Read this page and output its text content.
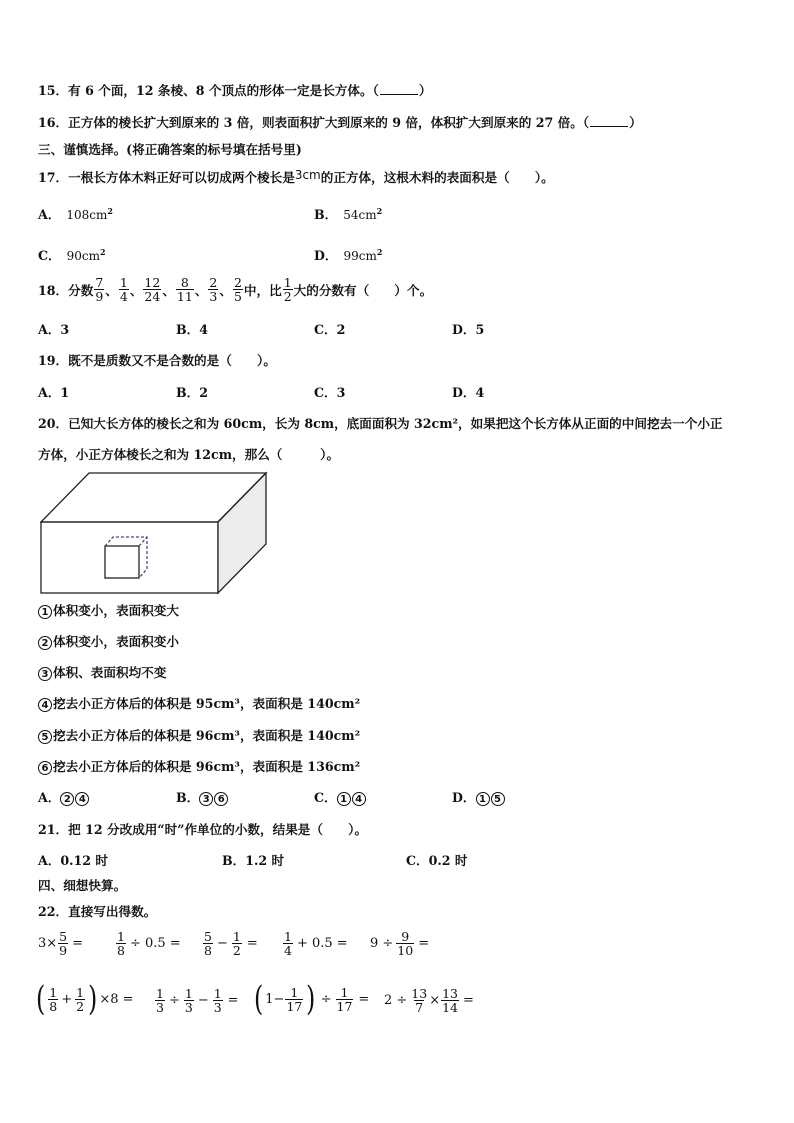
15．有 6 个面，12 条棱、8 个顶点的形体一定是长方体。（	）
16．正方体的棱长扩大到原来的 3 倍，则表面积扩大到原来的 9 倍，体积扩大到原来的 27 倍。（	）
三、谨慎选择。(将正确答案的标号填在括号里)
17．一根长方体木料正好可以切成两个棱长是3cm的正方体，这根木料的表面积是（　　）。
A． $108cm^2$	B． $54cm^2$
C． $90cm^2$	D． $99cm^2$
18．分数 $\frac{7}{9}$ 、 $\frac{1}{4}$ 、 $\frac{12}{24}$ 、 $\frac{8}{11}$ 、 $\frac{2}{3}$ 、 $\frac{2}{5}$ 中，比 $\frac{1}{2}$ 大的分数有（　　）个。
A．3	B．4	C．2	D．5
19．既不是质数又不是合数的是（　　）。
A．1	B．2	C．3	D．4
20．已知大长方体的棱长之和为 60cm，长为 8cm，底面面积为 32cm²，如果把这个长方体从正面的中间挖去一个小正
方体，小正方体棱长之和为 12cm，那么（　　　）。
1 体积变小，表面积变大
2 体积变小，表面积变小
3 体积、表面积均不变
4 挖去小正方体后的体积是 95cm³，表面积是 140cm²
5 挖去小正方体后的体积是 96cm³，表面积是 140cm²
6 挖去小正方体后的体积是 96cm³，表面积是 136cm²
A． 2 4	B． 3 6	C． 1 4	D． 1 5
21．把 12 分改成用“时”作单位的小数，结果是（　　）。
A．0.12 时	B．1.2 时	C．0.2 时
四、细想快算。
22．直接写出得数。
$3\times \frac{5}{9}$ =	$\frac{1}{8} \div 0.5 = \frac{5}{8} - \frac{1}{2} = \frac{1}{4} + 0.5 = 9 \div \frac{9}{10}$ =
( $\frac{1}{8} + \frac{1}{2}$ ) $\times 8 = \frac{1}{3} \div \frac{1}{3} - \frac{1}{3}$ = ( $1- \frac{1}{17}$ ) ÷ $\frac{1}{17} = 2 \div \frac{13}{7} \times \frac{13}{14}$ =
